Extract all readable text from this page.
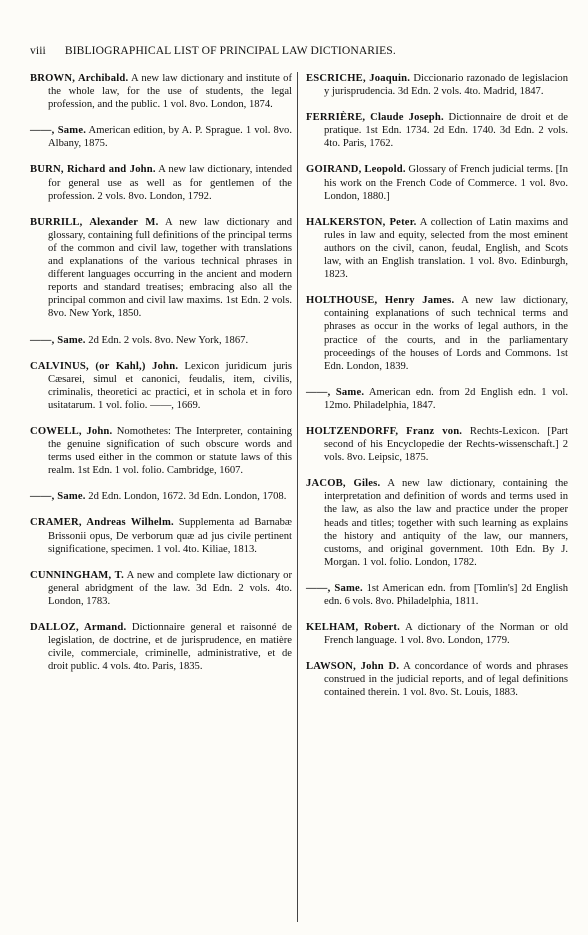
viii BIBLIOGRAPHICAL LIST OF PRINCIPAL LAW DICTIONARIES.

BROWN, Archibald. A new law dictionary and institute of the whole law, for the use of students, the legal profession, and the public. 1 vol. 8vo. London, 1874.

——, Same. American edition, by A. P. Sprague. 1 vol. 8vo. Albany, 1875.

BURN, Richard and John. A new law dictionary, intended for general use as well as for gentlemen of the profession. 2 vols. 8vo. London, 1792.

BURRILL, Alexander M. A new law dictionary and glossary, containing full definitions of the principal terms of the common and civil law, together with translations and explanations of the various technical phrases in different languages occurring in the ancient and modern reports and standard treatises; embracing also all the principal common and civil law maxims. 1st Edn. 2 vols. 8vo. New York, 1850.

——, Same. 2d Edn. 2 vols. 8vo. New York, 1867.

CALVINUS, (or Kahl,) John. Lexicon juridicum juris Cæsarei, simul et canonici, feudalis, item, civilis, criminalis, theoretici ac practici, et in schola et in foro usitatarum. 1 vol. folio. ——, 1669.

COWELL, John. Nomothetes: The Interpreter, containing the genuine signification of such obscure words and terms used either in the common or statute laws of this realm. 1st Edn. 1 vol. folio. Cambridge, 1607.

——, Same. 2d Edn. London, 1672. 3d Edn. London, 1708.

CRAMER, Andreas Wilhelm. Supplementa ad Barnabæ Brissonii opus, De verborum quæ ad jus civile pertinent significatione, specimen. 1 vol. 4to. Kiliae, 1813.

CUNNINGHAM, T. A new and complete law dictionary or general abridgment of the law. 3d Edn. 2 vols. 4to. London, 1783.

DALLOZ, Armand. Dictionnaire general et raisonné de legislation, de doctrine, et de jurisprudence, en matière civile, commerciale, criminelle, administrative, et de droit public. 4 vols. 4to. Paris, 1835.

ESCRICHE, Joaquin. Diccionario razonado de legislacion y jurisprudencia. 3d Edn. 2 vols. 4to. Madrid, 1847.

FERRIÈRE, Claude Joseph. Dictionnaire de droit et de pratique. 1st Edn. 1734. 2d Edn. 1740. 3d Edn. 2 vols. 4to. Paris, 1762.

GOIRAND, Leopold. Glossary of French judicial terms. [In his work on the French Code of Commerce. 1 vol. 8vo. London, 1880.]

HALKERSTON, Peter. A collection of Latin maxims and rules in law and equity, selected from the most eminent authors on the civil, canon, feudal, English, and Scots law, with an English translation. 1 vol. 8vo. Edinburgh, 1823.

HOLTHOUSE, Henry James. A new law dictionary, containing explanations of such technical terms and phrases as occur in the works of legal authors, in the practice of the courts, and in the parliamentary proceedings of the houses of Lords and Commons. 1st Edn. London, 1839.

——, Same. American edn. from 2d English edn. 1 vol. 12mo. Philadelphia, 1847.

HOLTZENDORFF, Franz von. Rechts-Lexicon. [Part second of his Encyclopedie der Rechts-wissenschaft.] 2 vols. 8vo. Leipsic, 1875.

JACOB, Giles. A new law dictionary, containing the interpretation and definition of words and terms used in the law, as also the law and practice under the proper heads and titles; together with such learning as explains the history and antiquity of the law, our manners, customs, and original government. 10th Edn. By J. Morgan. 1 vol. folio. London, 1782.

——, Same. 1st American edn. from [Tomlin's] 2d English edn. 6 vols. 8vo. Philadelphia, 1811.

KELHAM, Robert. A dictionary of the Norman or old French language. 1 vol. 8vo. London, 1779.

LAWSON, John D. A concordance of words and phrases construed in the judicial reports, and of legal definitions contained therein. 1 vol. 8vo. St. Louis, 1883.
